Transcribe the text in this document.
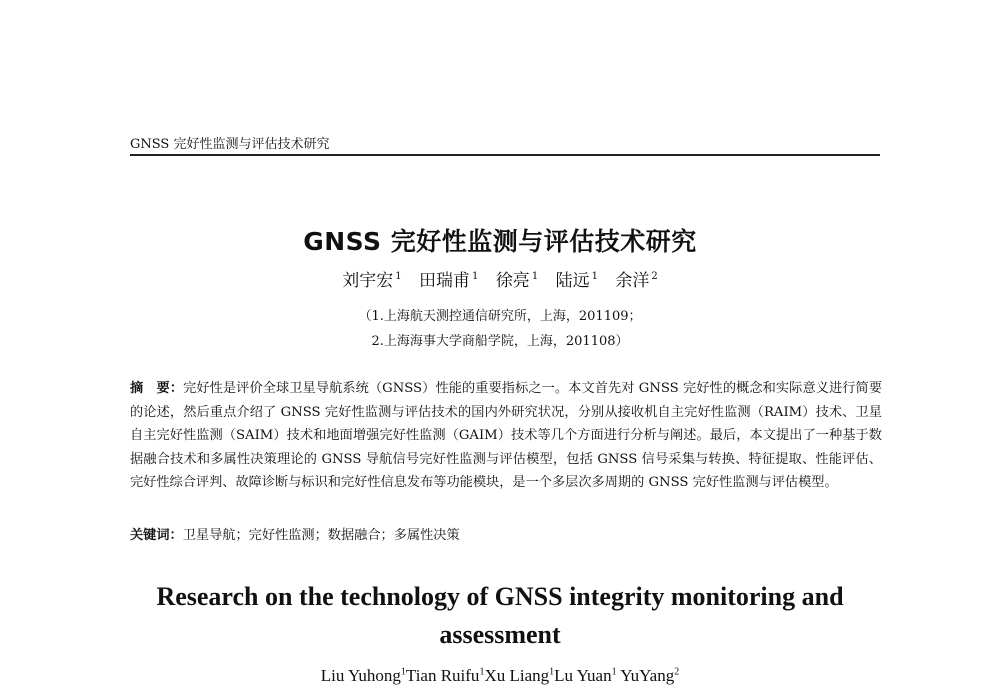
GNSS 完好性监测与评估技术研究
GNSS 完好性监测与评估技术研究
刘宇宏 $^1$ 田瑞甫 $^1$ 徐亮 $^1$ 陆远 $^1$ 余洋 $^2$
（1.上海航天测控通信研究所，上海，201109；
2.上海海事大学商船学院，上海，201108）
摘　要：完好性是评价全球卫星导航系统（GNSS）性能的重要指标之一。本文首先对 GNSS 完好性的概念和实际意义进行简要的论述，然后重点介绍了 GNSS 完好性监测与评估技术的国内外研究状况，分别从接收机自主完好性监测（RAIM）技术、卫星自主完好性监测（SAIM）技术和地面增强完好性监测（GAIM）技术等几个方面进行分析与阐述。最后，本文提出了一种基于数据融合技术和多属性决策理论的 GNSS 导航信号完好性监测与评估模型，包括 GNSS 信号采集与转换、特征提取、性能评估、完好性综合评判、故障诊断与标识和完好性信息发布等功能模块，是一个多层次多周期的 GNSS 完好性监测与评估模型。
关键词：卫星导航；完好性监测；数据融合；多属性决策
Research on the technology of GNSS integrity monitoring and assessment
Liu Yuhong$^1$Tian Ruifu$^1$Xu Liang$^1$Lu Yuan$^1$ YuYang$^2$
